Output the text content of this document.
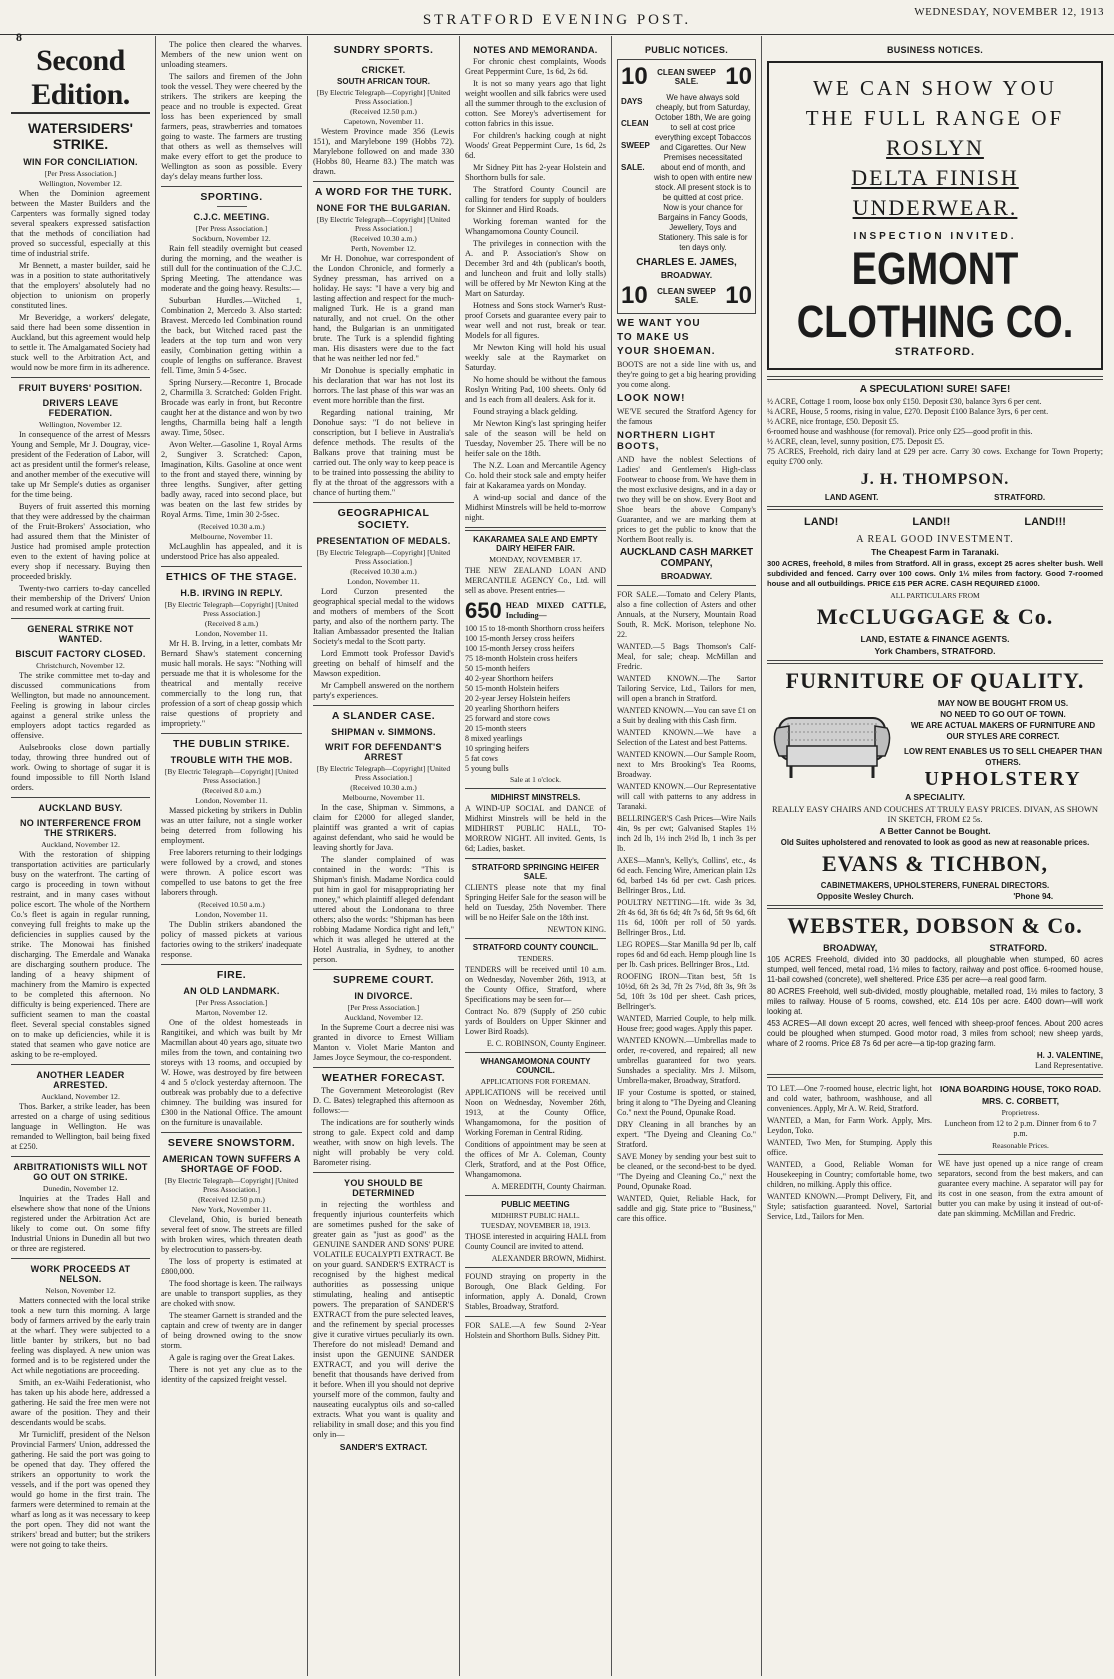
8
STRATFORD EVENING POST.	WEDNESDAY, NOVEMBER 12, 1913
Second Edition.
WATERSIDERS' STRIKE.
WIN FOR CONCILIATION.
[Per Press Association.]
Wellington, November 12.

When the Dominion agreement between the Master Builders and the Carpenters was formally signed today several speakers expressed satisfaction that the methods of conciliation had proved so successful, especially at this time of industrial strife.

Mr Bennett, a master builder, said he was in a position to state authoritatively that the employers' absolutely had no objection to unionism on properly constituted lines.

Mr Beveridge, a workers' delegate, said there had been some dissention in Auckland, but this agreement would help to settle it. The Amalgamated Society had stuck well to the Arbitration Act, and would now be more firm in its adherence.

FRUIT BUYERS' POSITION.
DRIVERS LEAVE FEDERATION.
Wellington, November 12.

In consequence of the arrest of Messrs Young and Semple, Mr J. Dougray, vice-president of the Federation of Labor, will act as president until the former's release, and another member of the executive will take up Mr Semple's duties as organiser for the time being.

Buyers of fruit asserted this morning that they were addressed by the chairman of the Fruit-Brokers' Association, who had assured them that the Minister of Justice had promised ample protection even to the extent of having police at every shop if necessary. Buying then proceeded briskly.

Twenty-two carriers to-day cancelled their membership of the Drivers' Union and resumed work at carting fruit.

GENERAL STRIKE NOT WANTED.
BISCUIT FACTORY CLOSED.
Christchurch, November 12.

The strike committee met to-day and discussed communications from Wellington, but made no announcement. Feeling is growing in labour circles against a general strike unless the employers adopt tactics regarded as offensive.

Aulsebrooks close down partially today, throwing three hundred out of work. Owing to shortage of sugar it is found impossible to fill North Island orders.

AUCKLAND BUSY.
NO INTERFERENCE FROM THE STRIKERS.
Auckland, November 12.

With the restoration of shipping transportation activities are particularly busy on the waterfront. The carting of cargo is proceeding in town without restraint, and in many cases without police escort. The whole of the Northern Co.'s fleet is again in regular running, conveying full freights to make up the deficiencies in supplies caused by the strike. The Monowai has finished discharging. The Emerdale and Wanaka are discharging southern produce. The landing of a heavy shipment of machinery from the Mamiro is expected to be completed this afternoon. No difficulty is being experienced. There are sufficient seamen to man the coastal fleet. Several special constables signed on to make up deficiencies, while it is stated that seamen who gave notice are asking to be re-employed.

ANOTHER LEADER ARRESTED.
Auckland, November 12.

Thos. Barker, a strike leader, has been arrested on a charge of using seditious language in Wellington. He was remanded to Wellington, bail being fixed at £250.

ARBITRATIONISTS WILL NOT GO OUT ON STRIKE.
Dunedin, November 12.

Inquiries at the Trades Hall and elsewhere show that none of the Unions registered under the Arbitration Act are likely to come out. On some fifty Industrial Unions in Dunedin all but two or three are registered.

WORK PROCEEDS AT NELSON.
Nelson, November 12.

Matters connected with the local strike took a new turn this morning. A large body of farmers arrived by the early train at the wharf. They were subjected to a little banter by strikers, but no bad feeling was displayed. A new union was formed and is to be registered under the Act while negotiations are proceeding.

Smith, an ex-Waihi Federationist, who has taken up his abode here, addressed a gathering. He said the free men were not aware of the position. They and their descendants would be scabs.

Mr Turnicliff, president of the Nelson Provincial Farmers' Union, addressed the gathering. He said the port was going to be opened that day. They offered the strikers an opportunity to work the vessels, and if the port was opened they would go home in the first train. The farmers were determined to remain at the wharf as long as it was necessary to keep the port open. They did not want the strikers' bread and butter; but the strikers were not going to take theirs.

The police then cleared the wharves. Members of the new union went on unloading steamers.

The sailors and firemen of the John took the vessel. They were cheered by the strikers. The strikers are keeping the peace and no trouble is expected. Great loss has been experienced by small farmers, peas, strawberries and tomatoes going to waste. The farmers are trusting that others as well as themselves will make every effort to get the produce to Wellington as soon as possible. Every day's delay means further loss.

SPORTING.
C.J.C. MEETING.
[Per Press Association.]
Sockburn, November 12.

Rain fell steadily overnight but ceased during the morning, and the weather is still dull for the continuation of the C.J.C. Spring Meeting. The attendance was moderate and the going heavy. Results:—

Suburban Hurdles.—Witched 1, Combination 2, Mercedo 3. Also started: Bravest. Mercedo led Combination round the back, but Witched raced past the leaders at the top turn and won very easily, Combination getting within a couple of lengths on sufferance. Bravest fell. Time, 3min 5 4-5sec.

Spring Nursery.—Recontre 1, Brocade 2, Charmilla 3. Scratched: Golden Fright. Brocade was early in front, but Recontre caught her at the distance and won by two lengths, Charmilla being half a length away. Time, 50sec.

Avon Welter.—Gasoline 1, Royal Arms 2, Sungiver 3. Scratched: Capon, Imagination, Kilts. Gasoline at once went to the front and stayed there, winning by three lengths. Sungiver, after getting badly away, raced into second place, but was beaten on the last few strides by Royal Arms. Time, 1min 30 2-5sec.

(Received 10.30 a.m.)
Melbourne, November 11.

McLaughlin has appealed, and it is understood Price has also appealed.

ETHICS OF THE STAGE.
H.B. IRVING IN REPLY.
[By Electric Telegraph—Copyright] [United Press Association.]
(Received 8 a.m.)
London, November 11.

Mr H. B. Irving, in a letter, combats Mr Bernard Shaw's statement concerning music hall morals. He says: "Nothing will persuade me that it is wholesome for the theatrical and mentally receive commercially to the long run, that profession of a sort of cheap gossip which raise questions of propriety and impropriety."

THE DUBLIN STRIKE.
TROUBLE WITH THE MOB.
[By Electric Telegraph—Copyright] [United Press Association.]
(Received 8.0 a.m.)
London, November 11.

Massed picketing by strikers in Dublin was an utter failure, not a single worker being deterred from following his employment.

Free laborers returning to their lodgings were followed by a crowd, and stones were thrown. A police escort was compelled to use batons to get the free laborers through.

(Received 10.50 a.m.)
London, November 11.

The Dublin strikers abandoned the policy of massed pickets at various factories owing to the strikers' inadequate response.

FIRE.
AN OLD LANDMARK.
[Per Press Association.]
Marton, November 12.

One of the oldest homesteads in Rangitikei, and which was built by Mr Macmillan about 40 years ago, situate two miles from the town, and containing two storeys with 13 rooms, and occupied by W. Howe, was destroyed by fire between 4 and 5 o'clock yesterday afternoon. The outbreak was probably due to a defective chimney. The building was insured for £300 in the National Office. The amount on the furniture is unavailable.

SEVERE SNOWSTORM.
AMERICAN TOWN SUFFERS A SHORTAGE OF FOOD.
[By Electric Telegraph—Copyright] [United Press Association.]
(Received 12.50 p.m.)
New York, November 11.

Cleveland, Ohio, is buried beneath several feet of snow. The streets are filled with broken wires, which threaten death by electrocution to passers-by.

The loss of property is estimated at £800,000.

The food shortage is keen. The railways are unable to transport supplies, as they are choked with snow.

The steamer Garnett is stranded and the captain and crew of twenty are in danger of being drowned owing to the snow storm.

A gale is raging over the Great Lakes.

There is not yet any clue as to the identity of the capsized freight vessel.

SUNDRY SPORTS.
CRICKET.
SOUTH AFRICAN TOUR.
[By Electric Telegraph—Copyright] [United Press Association.]
(Received 12.50 p.m.)
Capetown, November 11.

Western Province made 356 (Lewis 151), and Marylebone 199 (Hobbs 72). Marylebone followed on and made 330 (Hobbs 80, Hearne 83.) The match was drawn.

A WORD FOR THE TURK.
NONE FOR THE BULGARIAN.
[By Electric Telegraph—Copyright] [United Press Association.]
(Received 10.30 a.m.)
Perth, November 12.

Mr H. Donohue, war correspondent of the London Chronicle, and formerly a Sydney pressman, has arrived on a holiday. He says: "I have a very big and lasting affection and respect for the much-maligned Turk. He is a grand man naturally, and not cruel. On the other hand, the Bulgarian is an unmitigated brute. The Turk is a splendid fighting man. His disasters were due to the fact that he was neither led nor fed."

Mr Donohue is specially emphatic in his declaration that war has not lost its horrors. The last phase of this war was an event more horrible than the first.

Regarding national training, Mr Donohue says: "I do not believe in conscription, but I believe in Australia's defence methods. The results of the Balkans prove that training must be carried out. The only way to keep peace is to be trained into possessing the ability to fly at the throat of the aggressors with a chance of hurting them."

GEOGRAPHICAL SOCIETY.
PRESENTATION OF MEDALS.
[By Electric Telegraph—Copyright] [United Press Association.]
(Received 10.30 a.m.)
London, November 11.

Lord Curzon presented the geographical special medal to the widows and mothers of members of the Scott party, and also of the northern party. The Italian Ambassador presented the Italian Society's medal to the Scott party.

Lord Emmott took Professor David's greeting on behalf of himself and the Mawson expedition.

Mr Campbell answered on the northern party's experiences.

A SLANDER CASE.
SHIPMAN v. SIMMONS.
WRIT FOR DEFENDANT'S ARREST
[By Electric Telegraph—Copyright] [United Press Association.]
(Received 10.30 a.m.)
Melbourne, November 11.

In the case, Shipman v. Simmons, a claim for £2000 for alleged slander, plaintiff was granted a writ of capias against defendant, who said he would be leaving shortly for Java.

The slander complained of was contained in the words: "This is Shipman's finish. Madame Nordica could put him in gaol for misappropriating her money," which plaintiff alleged defendant uttered about the Londonana to three others; also the words: "Shipman has been robbing Madame Nordica right and left," which it was alleged he uttered at the Hotel Australia, in Sydney, to another person.

SUPREME COURT.
IN DIVORCE.
[Per Press Association.]
Auckland, November 12.

In the Supreme Court a decree nisi was granted in divorce to Ernest William Manton v. Violet Marie Manton and James Joyce Seymour, the co-respondent.

WEATHER FORECAST.

The Government Meteorologist (Rev D. C. Bates) telegraphed this afternoon as follows:—

The indications are for southerly winds strong to gale. Expect cold and damp weather, with snow on high levels. The night will probably be very cold. Barometer rising.

YOU SHOULD BE DETERMINED

in rejecting the worthless and frequently injurious counterfeits which are sometimes pushed for the sake of greater gain as "just as good" as the GENUINE SANDER AND SONS' PURE VOLATILE EUCALYPTI EXTRACT. Be on your guard. SANDER'S EXTRACT is recognised by the highest medical authorities as possessing unique stimulating, healing and antiseptic powers. The preparation of SANDER'S EXTRACT from the pure selected leaves, and the refinement by special processes give it curative virtues peculiarly its own. Therefore do not mislead! Demand and insist upon the GENUINE SANDER EXTRACT, and you will derive the benefit that thousands have derived from it before. When ill you should not deprive yourself more of the common, faulty and nauseating eucalyptus oils and so-called extracts. What you want is quality and reliability in small dose; and this you find only in—

SANDER'S EXTRACT.
NOTES AND MEMORANDA.

For chronic chest complaints, Woods Great Peppermint Cure, 1s 6d, 2s 6d.

It is not so many years ago that light weight woollen and silk fabrics were used all the summer through to the exclusion of cotton. See Morey's advertisement for cotton fabrics in this issue.

For children's hacking cough at night Woods' Great Peppermint Cure, 1s 6d, 2s 6d.

Mr Sidney Pitt has 2-year Holstein and Shorthorn bulls for sale.

The Stratford County Council are calling for tenders for supply of boulders for Skinner and Hird Roads.

Working foreman wanted for the Whangamomona County Council.

The privileges in connection with the A. and P. Association's Show on December 3rd and 4th (publican's booth, and luncheon and fruit and lolly stalls) will be offered by Mr Newton King at the Mart on Saturday.

Hotness and Sons stock Warner's Rust-proof Corsets and guarantee every pair to wear well and not rust, break or tear. Models for all figures.

Mr Newton King will hold his usual weekly sale at the Raymarket on Saturday.

No home should be without the famous Roslyn Writing Pad, 100 sheets. Only 6d and 1s each from all dealers. Ask for it.

Found straying a black gelding.

Mr Newton King's last springing heifer sale of the season will be held on Tuesday, November 25. There will be no heifer sale on the 18th.

The N.Z. Loan and Mercantile Agency Co. hold their stock sale and empty heifer fair at Kakaramea yards on Monday.

A wind-up social and dance of the Midhirst Minstrels will be held to-morrow night.

KAKARAMEA SALE AND EMPTY DAIRY HEIFER FAIR.
MONDAY, NOVEMBER 17.

THE NEW ZEALAND LOAN AND MERCANTILE AGENCY Co., Ltd. will sell as above. Present entries—

650 HEAD MIXED CATTLE, Including—
100 15 to 18-month Shorthorn cross heifers
100 15-month Jersey cross heifers
100 15-month Jersey cross heifers
75 18-month Holstein cross heifers
50 15-month heifers
40 2-year Shorthorn heifers
50 15-month Holstein heifers
20 2-year Jersey Holstein heifers
20 yearling Shorthorn heifers
25 forward and store cows
20 15-month steers
8 mixed yearlings
10 springing heifers
5 fat cows
5 young bulls
Sale at 1 o'clock.
MIDHIRST MINSTRELS.

A WIND-UP SOCIAL and DANCE of Midhirst Minstrels will be held in the MIDHIRST PUBLIC HALL, TO-MORROW NIGHT. All invited. Gents, 1s 6d; Ladies, basket.

STRATFORD SPRINGING HEIFER SALE.

CLIENTS please note that my final Springing Heifer Sale for the season will be held on Tuesday, 25th November. There will be no Heifer Sale on the 18th inst.

NEWTON KING.
STRATFORD COUNTY COUNCIL.
TENDERS.

TENDERS will be received until 10 a.m. on Wednesday, November 26th, 1913, at the County Office, Stratford, where Specifications may be seen for—

Contract No. 879 (Supply of 250 cubic yards of Boulders on Upper Skinner and Lower Bird Roads).

E. C. ROBINSON, County Engineer.
WHANGAMOMONA COUNTY COUNCIL.
APPLICATIONS FOR FOREMAN.

APPLICATIONS will be received until Noon on Wednesday, November 26th, 1913, at the County Office, Whangamomona, for the position of Working Foreman in Central Riding.

Conditions of appointment may be seen at the offices of Mr A. Coleman, County Clerk, Stratford, and at the Post Office, Whangamomona.

A. MEREDITH, County Chairman.
PUBLIC MEETING
MIDHIRST PUBLIC HALL.
TUESDAY, NOVEMBER 18, 1913.

THOSE interested in acquiring HALL from County Council are invited to attend.

ALEXANDER BROWN, Midhirst.

FOUND straying on property in the Borough, One Black Gelding. For information, apply A. Donald, Crown Stables, Broadway, Stratford.

FOR SALE.—A few Sound 2-Year Holstein and Shorthorn Bulls. Sidney Pitt.

PUBLIC NOTICES.
10	CLEAN SWEEP SALE.	10
DAYS
CLEAN
SWEEP
SALE.

We have always sold cheaply, but from Saturday, October 18th, We are going to sell at cost price everything except Tobaccos and Cigarettes. Our New Premises necessitated about end of month, and wish to open with entire new stock. All present stock is to be quitted at cost price. Now is your chance for Bargains in Fancy Goods, Jewellery, Toys and Stationery. This sale is for ten days only.

CHARLES E. JAMES,
BROADWAY.
10	CLEAN SWEEP SALE.	10
WE WANT YOU
TO MAKE US
YOUR SHOEMAN.

BOOTS are not a side line with us, and they're going to get a big hearing providing you come along.

LOOK NOW!

WE'VE secured the Stratford Agency for the famous

NORTHERN LIGHT BOOTS,

AND have the noblest Selections of Ladies' and Gentlemen's High-class Footwear to choose from. We have them in the most exclusive designs, and in a day or two they will be on show. Every Boot and Shoe bears the above Company's Guarantee, and we are marking them at prices to get the public to know that the Northern Boot really is.

AUCKLAND CASH MARKET COMPANY,
BROADWAY.

FOR SALE.—Tomato and Celery Plants, also a fine collection of Asters and other Annuals, at the Nursery, Mountain Road South, R. McK. Morison, telephone No. 22.

WANTED.—5 Bags Thomson's Calf-Meal, for sale; cheap. McMillan and Fredric.

WANTED KNOWN.—The Sartor Tailoring Service, Ltd., Tailors for men, will open a branch in Stratford.

WANTED KNOWN.—You can save £1 on a Suit by dealing with this Cash firm.

WANTED KNOWN.—We have a Selection of the Latest and best Patterns.

WANTED KNOWN.—Our Sample Room, next to Mrs Brooking's Tea Rooms, Broadway.

WANTED KNOWN.—Our Representative will call with patterns to any address in Taranaki.

BELLRINGER'S Cash Prices—Wire Nails 4in, 9s per cwt; Galvanised Staples 1½ inch 2d lb, 1½ inch 2½d lb, 1 inch 3s per lb.

AXES—Mann's, Kelly's, Collins', etc., 4s 6d each. Fencing Wire, American plain 12s 6d, barbed 14s 6d per cwt. Cash prices. Bellringer Bros., Ltd.

POULTRY NETTING—1ft. wide 3s 3d, 2ft 4s 6d, 3ft 6s 6d; 4ft 7s 6d, 5ft 9s 6d, 6ft 11s 6d, 100ft per roll of 50 yards. Bellringer Bros., Ltd.

LEG ROPES—Star Manilla 9d per lb, calf ropes 6d and 6d each. Hemp plough line 1s per lb. Cash prices. Bellringer Bros., Ltd.

ROOFING IRON—Titan best, 5ft 1s 10½d, 6ft 2s 3d, 7ft 2s 7½d, 8ft 3s, 9ft 3s 5d, 10ft 3s 10d per sheet. Cash prices, Bellringer's.

WANTED, Married Couple, to help milk. House free; good wages. Apply this paper.

WANTED KNOWN.—Umbrellas made to order, re-covered, and repaired; all new umbrellas guaranteed for two years. Sunshades a speciality. Mrs J. Milsom, Umbrella-maker, Broadway, Stratford.

IF your Costume is spotted, or stained, bring it along to "The Dyeing and Cleaning Co." next the Pound, Opunake Road.

DRY Cleaning in all branches by an expert. "The Dyeing and Cleaning Co." Stratford.

SAVE Money by sending your best suit to be cleaned, or the second-best to be dyed. "The Dyeing and Cleaning Co.," next the Pound, Opunake Road.

WANTED, Quiet, Reliable Hack, for saddle and gig. State price to "Business," care this office.

BUSINESS NOTICES.
WE CAN SHOW YOU
THE FULL RANGE OF
ROSLYN
DELTA FINISH
UNDERWEAR.
INSPECTION INVITED.
EGMONT CLOTHING CO.
STRATFORD.
A SPECULATION! SURE! SAFE!
½ ACRE, Cottage 1 room, loose box only £150. Deposit £30, balance 3yrs 6 per cent.
¼ ACRE, House, 5 rooms, rising in value, £270. Deposit £100 Balance 3yrs, 6 per cent.
½ ACRE, nice frontage, £50. Deposit £5.
6-roomed house and washhouse (for removal). Price only £25—good profit in this.
½ ACRE, clean, level, sunny position, £75. Deposit £5.
75 ACRES, Freehold, rich dairy land at £29 per acre. Carry 30 cows. Exchange for Town Property; equity £700 only.
J. H. THOMPSON.
LAND AGENT.	STRATFORD.
LAND!	LAND!!	LAND!!!
A REAL GOOD INVESTMENT.
The Cheapest Farm in Taranaki.

300 ACRES, freehold, 8 miles from Stratford. All in grass, except 25 acres shelter bush. Well subdivided and fenced. Carry over 100 cows. Only 1½ miles from factory. Good 7-roomed house and all outbuildings. PRICE £15 PER ACRE. CASH REQUIRED £1000.

ALL PARTICULARS FROM
McCLUGGAGE & Co.
LAND, ESTATE & FINANCE AGENTS.
York Chambers, STRATFORD.
FURNITURE OF QUALITY.
MAY NOW BE BOUGHT FROM US.
NO NEED TO GO OUT OF TOWN.
WE ARE ACTUAL MAKERS OF FURNITURE AND OUR STYLES ARE CORRECT.
LOW RENT ENABLES US TO SELL CHEAPER THAN OTHERS.
UPHOLSTERY
A SPECIALITY.
REALLY EASY CHAIRS AND COUCHES AT TRULY EASY PRICES. DIVAN, AS SHOWN IN SKETCH, FROM £2 5s.
A Better Cannot be Bought.
Old Suites upholstered and renovated to look as good as new at reasonable prices.
EVANS & TICHBON,
CABINETMAKERS, UPHOLSTERERS, FUNERAL DIRECTORS.
Opposite Wesley Church.	'Phone 94.
WEBSTER, DOBSON & Co.
BROADWAY,	STRATFORD.

105 ACRES Freehold, divided into 30 paddocks, all ploughable when stumped, 60 acres stumped, well fenced, metal road, 1½ miles to factory, railway and post office. 6-roomed house, 11-bail cowshed (concrete), well sheltered. Price £35 per acre—a real good farm.

80 ACRES Freehold, well sub-divided, mostly ploughable, metalled road, 1½ miles to factory, 3 miles to railway. House of 5 rooms, cowshed, etc. £14 10s per acre. £400 down—will work looking at.

453 ACRES—All down except 20 acres, well fenced with sheep-proof fences. About 200 acres could be ploughed when stumped. Good motor road, 3 miles from school; new sheep yards, whare of 2 rooms. Price £8 7s 6d per acre—a tip-top grazing farm.

H. J. VALENTINE,
Land Representative.

TO LET.—One 7-roomed house, electric light, hot and cold water, bathroom, washhouse, and all conveniences. Apply, Mr A. W. Reid, Stratford.

WANTED, a Man, for Farm Work. Apply, Mrs. Leydon, Toko.

WANTED, Two Men, for Stumping. Apply this office.

WANTED, a Good, Reliable Woman for Housekeeping in Country; comfortable home, two children, no milking. Apply this office.

WANTED KNOWN.—Prompt Delivery, Fit, and Style; satisfaction guaranteed. Novel, Sartorial Service, Ltd., Tailors for Men.

IONA BOARDING HOUSE, TOKO ROAD.
MRS. C. CORBETT,
Proprietress.

Luncheon from 12 to 2 p.m. Dinner from 6 to 7 p.m.

Reasonable Prices.

WE have just opened up a nice range of cream separators, second from the best makers, and can guarantee every machine. A separator will pay for its cost in one season, from the extra amount of butter you can make by using it instead of out-of-date pan skimming. McMillan and Fredric.
